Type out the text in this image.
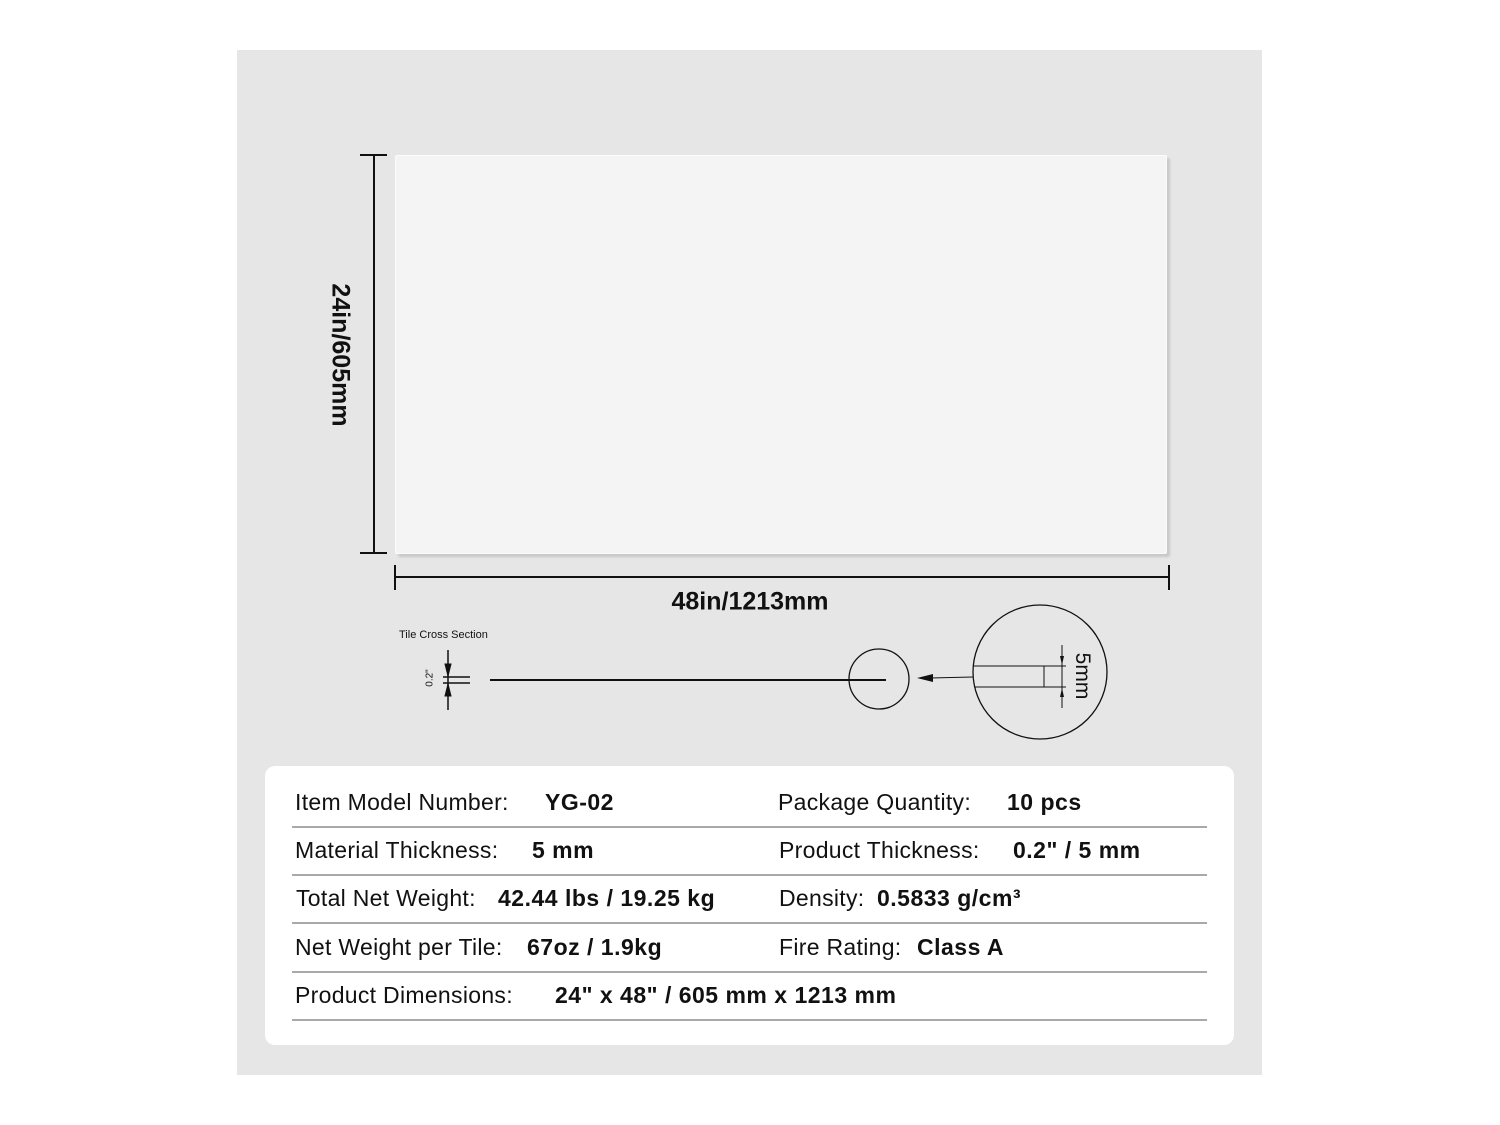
24in/605mm
48in/1213mm
Tile Cross Section
0.2"	5mm
Item Model Number: YG-02	Package Quantity: 10 pcs
Material Thickness: 5 mm	Product Thickness: 0.2" / 5 mm
Total Net Weight: 42.44 lbs / 19.25 kg	Density: 0.5833 g/cm³
Net Weight per Tile: 67oz / 1.9kg	Fire Rating: Class A
Product Dimensions: 24" x 48" / 605 mm x 1213 mm
